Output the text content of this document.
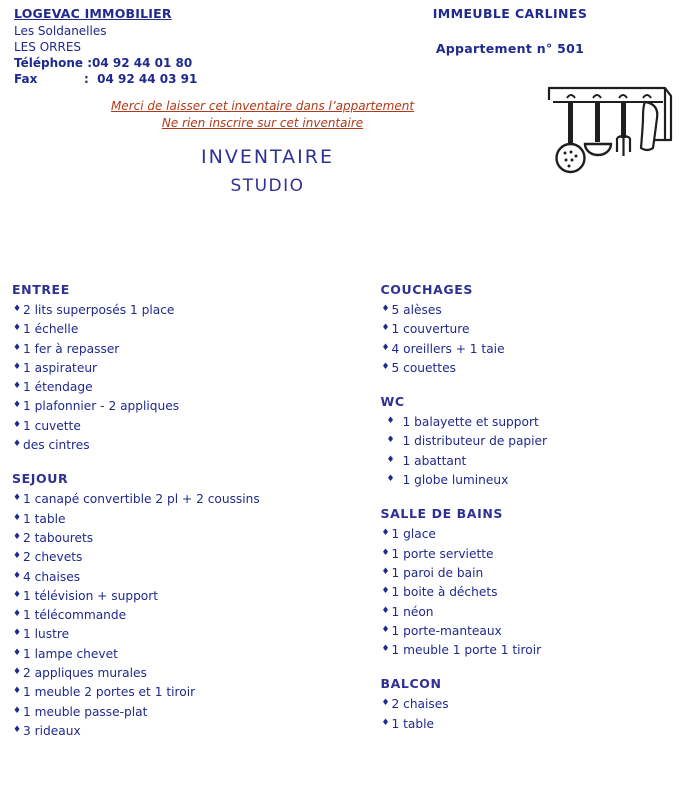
LOGEVAC IMMOBILIER
Les Soldanelles
LES ORRES
Téléphone :04 92 44 01 80
Fax	: 04 92 44 03 91
IMMEUBLE CARLINES
Appartement n° 501
Merci de laisser cet inventaire dans l’appartement
Ne rien inscrire sur cet inventaire
INVENTAIRE
STUDIO
ENTREE
♦ 2 lits superposés 1 place
♦ 1 échelle
♦ 1 fer à repasser
♦ 1 aspirateur
♦ 1 étendage
♦ 1 plafonnier - 2 appliques
♦ 1 cuvette
♦ des cintres
SEJOUR
♦ 1 canapé convertible 2 pl + 2 coussins
♦ 1 table
♦ 2 tabourets
♦ 2 chevets
♦ 4 chaises
♦ 1 télévision + support
♦ 1 télécommande
♦ 1 lustre
♦ 1 lampe chevet
♦ 2 appliques murales
♦ 1 meuble 2 portes et 1 tiroir
♦ 1 meuble passe-plat
♦ 3 rideaux
COUCHAGES
♦ 5 alèses
♦ 1 couverture
♦ 4 oreillers + 1 taie
♦ 5 couettes
WC
♦ 1 balayette et support
♦ 1 distributeur de papier
♦ 1 abattant
♦ 1 globe lumineux
SALLE DE BAINS
♦ 1 glace
♦ 1 porte serviette
♦ 1 paroi de bain
♦ 1 boite à déchets
♦ 1 néon
♦ 1 porte-manteaux
♦ 1 meuble 1 porte 1 tiroir
BALCON
♦ 2 chaises
♦ 1 table
